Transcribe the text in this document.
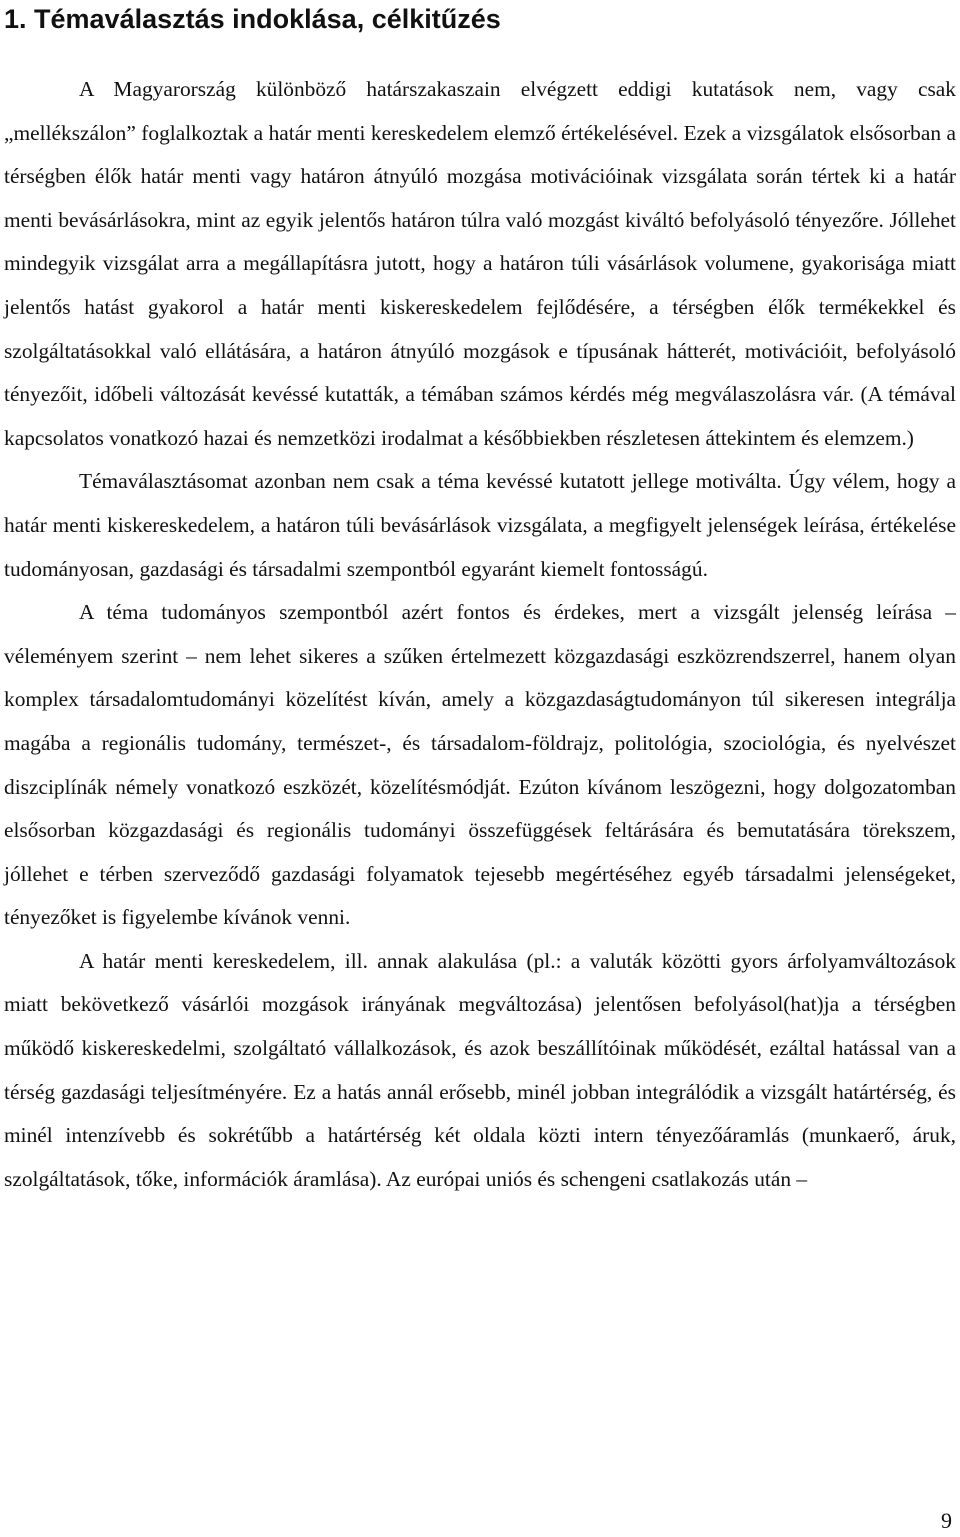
1. Témaválasztás indoklása, célkitűzés

A Magyarország különböző határszakaszain elvégzett eddigi kutatások nem, vagy csak „mellékszálon” foglalkoztak a határ menti kereskedelem elemző értékelésével. Ezek a vizsgálatok elsősorban a térségben élők határ menti vagy határon átnyúló mozgása motivációinak vizsgálata során tértek ki a határ menti bevásárlásokra, mint az egyik jelentős határon túlra való mozgást kiváltó befolyásoló tényezőre. Jóllehet mindegyik vizsgálat arra a megállapításra jutott, hogy a határon túli vásárlások volumene, gyakorisága miatt jelentős hatást gyakorol a határ menti kiskereskedelem fejlődésére, a térségben élők termékekkel és szolgáltatásokkal való ellátására, a határon átnyúló mozgások e típusának hátterét, motivációit, befolyásoló tényezőit, időbeli változását kevéssé kutatták, a témában számos kérdés még megválaszolásra vár. (A témával kapcsolatos vonatkozó hazai és nemzetközi irodalmat a későbbiekben részletesen áttekintem és elemzem.)

Témaválasztásomat azonban nem csak a téma kevéssé kutatott jellege motiválta. Úgy vélem, hogy a határ menti kiskereskedelem, a határon túli bevásárlások vizsgálata, a megfigyelt jelenségek leírása, értékelése tudományosan, gazdasági és társadalmi szempontból egyaránt kiemelt fontosságú.

A téma tudományos szempontból azért fontos és érdekes, mert a vizsgált jelenség leírása – véleményem szerint – nem lehet sikeres a szűken értelmezett közgazdasági eszközrendszerrel, hanem olyan komplex társadalomtudományi közelítést kíván, amely a közgazdaságtudományon túl sikeresen integrálja magába a regionális tudomány, természet-, és társadalom-földrajz, politológia, szociológia, és nyelvészet diszciplínák némely vonatkozó eszközét, közelítésmódját. Ezúton kívánom leszögezni, hogy dolgozatomban elsősorban közgazdasági és regionális tudományi összefüggések feltárására és bemutatására törekszem, jóllehet e térben szerveződő gazdasági folyamatok tejesebb megértéséhez egyéb társadalmi jelenségeket, tényezőket is figyelembe kívánok venni.

A határ menti kereskedelem, ill. annak alakulása (pl.: a valuták közötti gyors árfolyamváltozások miatt bekövetkező vásárlói mozgások irányának megváltozása) jelentősen befolyásol(hat)ja a térségben működő kiskereskedelmi, szolgáltató vállalkozások, és azok beszállítóinak működését, ezáltal hatással van a térség gazdasági teljesítményére. Ez a hatás annál erősebb, minél jobban integrálódik a vizsgált határtérség, és minél intenzívebb és sokrétűbb a határtérség két oldala közti intern tényezőáramlás (munkaerő, áruk, szolgáltatások, tőke, információk áramlása). Az európai uniós és schengeni csatlakozás után –

9
